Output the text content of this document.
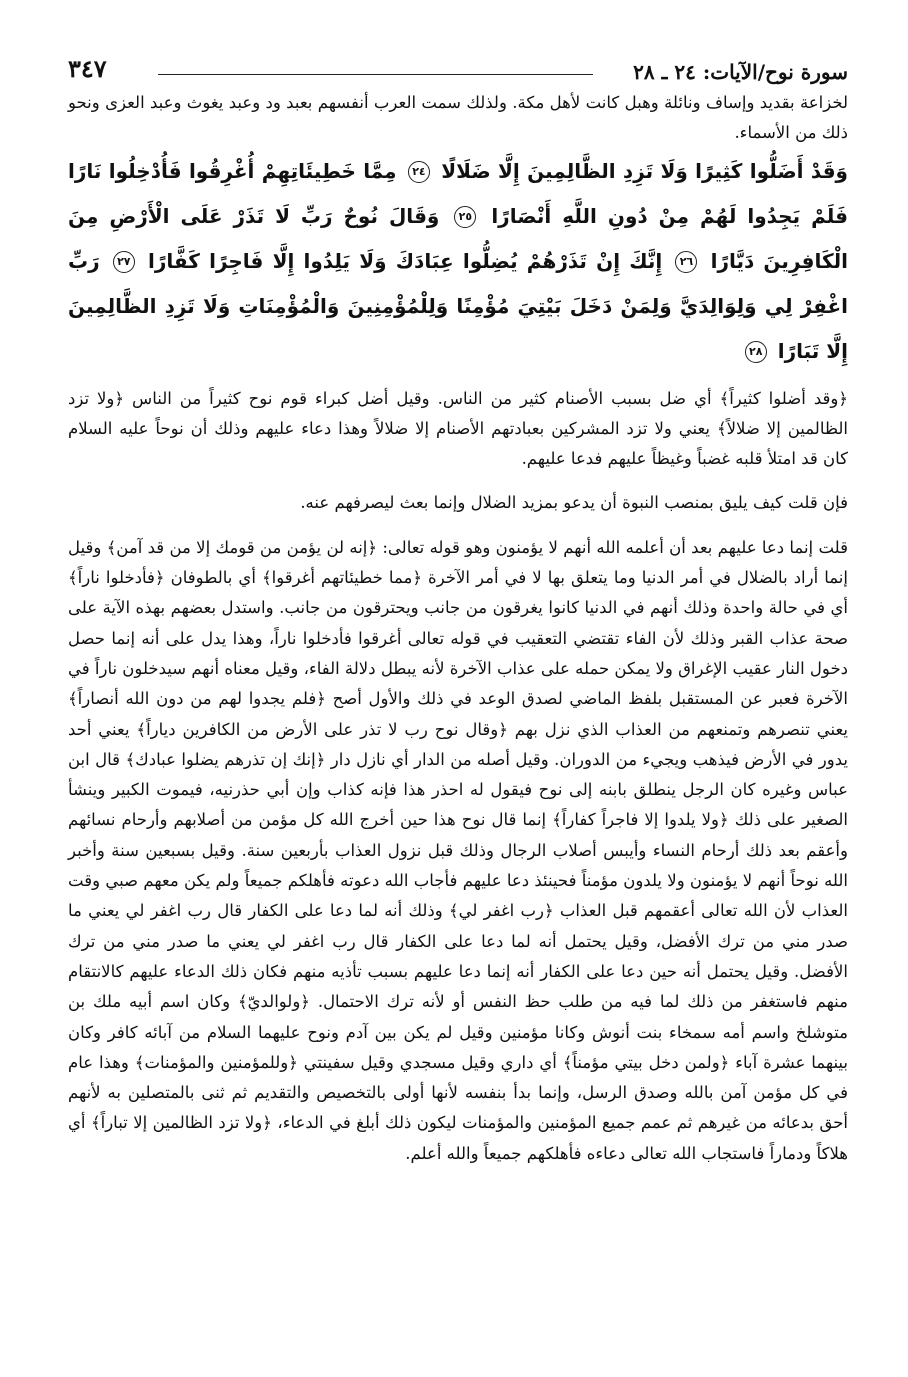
سورة نوح/الآيات: ٢٤ ـ ٢٨
٣٤٧

لخزاعة بقديد وإساف ونائلة وهبل كانت لأهل مكة. ولذلك سمت العرب أنفسهم بعبد ود وعبد يغوث وعبد العزى ونحو ذلك من الأسماء.

وَقَدْ أَضَلُّوا كَثِيرًا وَلَا تَزِدِ الظَّالِمِينَ إِلَّا ضَلَالًا ٢٤ مِمَّا خَطِيئَاتِهِمْ أُغْرِقُوا فَأُدْخِلُوا نَارًا فَلَمْ يَجِدُوا لَهُمْ مِنْ دُونِ اللَّهِ أَنْصَارًا ٢٥ وَقَالَ نُوحٌ رَبِّ لَا تَذَرْ عَلَى الْأَرْضِ مِنَ الْكَافِرِينَ دَيَّارًا ٢٦ إِنَّكَ إِنْ تَذَرْهُمْ يُضِلُّوا عِبَادَكَ وَلَا يَلِدُوا إِلَّا فَاجِرًا كَفَّارًا ٢٧ رَبِّ اغْفِرْ لِي وَلِوَالِدَيَّ وَلِمَنْ دَخَلَ بَيْتِيَ مُؤْمِنًا وَلِلْمُؤْمِنِينَ وَالْمُؤْمِنَاتِ وَلَا تَزِدِ الظَّالِمِينَ إِلَّا تَبَارًا ٢٨

﴿وقد أضلوا كثيراً﴾ أي ضل بسبب الأصنام كثير من الناس. وقيل أضل كبراء قوم نوح كثيراً من الناس ﴿ولا تزد الظالمين إلا ضلالاً﴾ يعني ولا تزد المشركين بعبادتهم الأصنام إلا ضلالاً وهذا دعاء عليهم وذلك أن نوحاً عليه السلام كان قد امتلأ قلبه غضباً وغيظاً عليهم فدعا عليهم.

فإن قلت كيف يليق بمنصب النبوة أن يدعو بمزيد الضلال وإنما بعث ليصرفهم عنه.

قلت إنما دعا عليهم بعد أن أعلمه الله أنهم لا يؤمنون وهو قوله تعالى: ﴿إنه لن يؤمن من قومك إلا من قد آمن﴾ وقيل إنما أراد بالضلال في أمر الدنيا وما يتعلق بها لا في أمر الآخرة ﴿مما خطيئاتهم أغرقوا﴾ أي بالطوفان ﴿فأدخلوا ناراً﴾ أي في حالة واحدة وذلك أنهم في الدنيا كانوا يغرقون من جانب ويحترقون من جانب. واستدل بعضهم بهذه الآية على صحة عذاب القبر وذلك لأن الفاء تقتضي التعقيب في قوله تعالى أغرقوا فأدخلوا ناراً، وهذا يدل على أنه إنما حصل دخول النار عقيب الإغراق ولا يمكن حمله على عذاب الآخرة لأنه يبطل دلالة الفاء، وقيل معناه أنهم سيدخلون ناراً في الآخرة فعبر عن المستقبل بلفظ الماضي لصدق الوعد في ذلك والأول أصح ﴿فلم يجدوا لهم من دون الله أنصاراً﴾ يعني تنصرهم وتمنعهم من العذاب الذي نزل بهم ﴿وقال نوح رب لا تذر على الأرض من الكافرين دياراً﴾ يعني أحد يدور في الأرض فيذهب ويجيء من الدوران. وقيل أصله من الدار أي نازل دار ﴿إنك إن تذرهم يضلوا عبادك﴾ قال ابن عباس وغيره كان الرجل ينطلق بابنه إلى نوح فيقول له احذر هذا فإنه كذاب وإن أبي حذرنيه، فيموت الكبير وينشأ الصغير على ذلك ﴿ولا يلدوا إلا فاجراً كفاراً﴾ إنما قال نوح هذا حين أخرج الله كل مؤمن من أصلابهم وأرحام نسائهم وأعقم بعد ذلك أرحام النساء وأيبس أصلاب الرجال وذلك قبل نزول العذاب بأربعين سنة. وقيل بسبعين سنة وأخبر الله نوحاً أنهم لا يؤمنون ولا يلدون مؤمناً فحينئذ دعا عليهم فأجاب الله دعوته فأهلكم جميعاً ولم يكن معهم صبي وقت العذاب لأن الله تعالى أعقمهم قبل العذاب ﴿رب اغفر لي﴾ وذلك أنه لما دعا على الكفار قال رب اغفر لي يعني ما صدر مني من ترك الأفضل، وقيل يحتمل أنه لما دعا على الكفار قال رب اغفر لي يعني ما صدر مني من ترك الأفضل. وقيل يحتمل أنه حين دعا على الكفار أنه إنما دعا عليهم بسبب تأذيه منهم فكان ذلك الدعاء عليهم كالانتقام منهم فاستغفر من ذلك لما فيه من طلب حظ النفس أو لأنه ترك الاحتمال. ﴿ولوالديّ﴾ وكان اسم أبيه ملك بن متوشلخ واسم أمه سمخاء بنت أنوش وكانا مؤمنين وقيل لم يكن بين آدم ونوح عليهما السلام من آبائه كافر وكان بينهما عشرة آباء ﴿ولمن دخل بيتي مؤمناً﴾ أي داري وقيل مسجدي وقيل سفينتي ﴿وللمؤمنين والمؤمنات﴾ وهذا عام في كل مؤمن آمن بالله وصدق الرسل، وإنما بدأ بنفسه لأنها أولى بالتخصيص والتقديم ثم ثنى بالمتصلين به لأنهم أحق بدعائه من غيرهم ثم عمم جميع المؤمنين والمؤمنات ليكون ذلك أبلغ في الدعاء، ﴿ولا تزد الظالمين إلا تباراً﴾ أي هلاكاً ودماراً فاستجاب الله تعالى دعاءه فأهلكهم جميعاً والله أعلم.
